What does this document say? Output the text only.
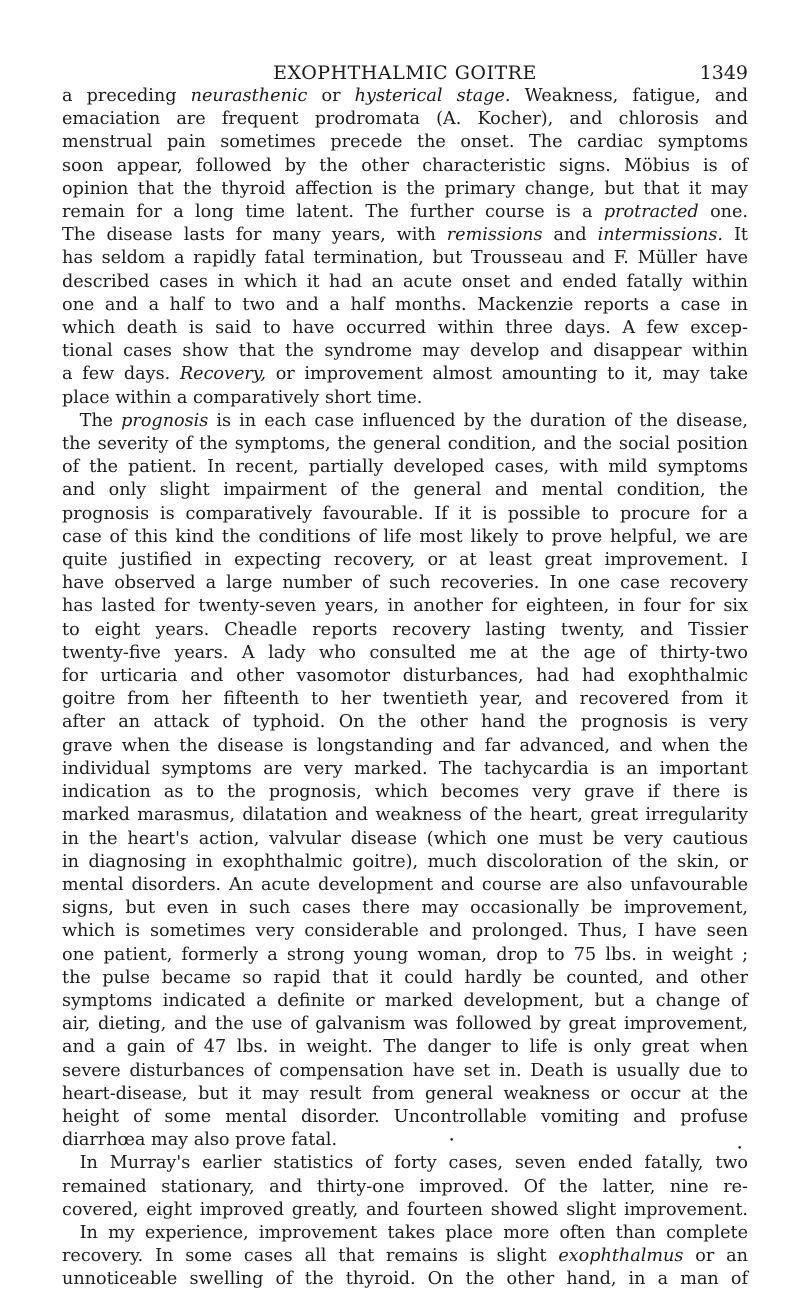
EXOPHTHALMIC GOITRE	1349
a preceding neurasthenic or hysterical stage. Weakness, fatigue, and
emaciation are frequent prodromata (A. Kocher), and chlorosis and
menstrual pain sometimes precede the onset. The cardiac symptoms
soon appear, followed by the other characteristic signs. Möbius is of
opinion that the thyroid affection is the primary change, but that it may
remain for a long time latent. The further course is a protracted one.
The disease lasts for many years, with remissions and intermissions. It
has seldom a rapidly fatal termination, but Trousseau and F. Müller have
described cases in which it had an acute onset and ended fatally within
one and a half to two and a half months. Mackenzie reports a case in
which death is said to have occurred within three days. A few excep-
tional cases show that the syndrome may develop and disappear within
a few days. Recovery, or improvement almost amounting to it, may take
place within a comparatively short time.
 The prognosis is in each case influenced by the duration of the disease,
the severity of the symptoms, the general condition, and the social position
of the patient. In recent, partially developed cases, with mild symptoms
and only slight impairment of the general and mental condition, the
prognosis is comparatively favourable. If it is possible to procure for a
case of this kind the conditions of life most likely to prove helpful, we are
quite justified in expecting recovery, or at least great improvement. I
have observed a large number of such recoveries. In one case recovery
has lasted for twenty-seven years, in another for eighteen, in four for six
to eight years. Cheadle reports recovery lasting twenty, and Tissier
twenty-five years. A lady who consulted me at the age of thirty-two
for urticaria and other vasomotor disturbances, had had exophthalmic
goitre from her fifteenth to her twentieth year, and recovered from it
after an attack of typhoid. On the other hand the prognosis is very
grave when the disease is longstanding and far advanced, and when the
individual symptoms are very marked. The tachycardia is an important
indication as to the prognosis, which becomes very grave if there is
marked marasmus, dilatation and weakness of the heart, great irregularity
in the heart's action, valvular disease (which one must be very cautious
in diagnosing in exophthalmic goitre), much discoloration of the skin, or
mental disorders. An acute development and course are also unfavourable
signs, but even in such cases there may occasionally be improvement,
which is sometimes very considerable and prolonged. Thus, I have seen
one patient, formerly a strong young woman, drop to 75 lbs. in weight ;
the pulse became so rapid that it could hardly be counted, and other
symptoms indicated a definite or marked development, but a change of
air, dieting, and the use of galvanism was followed by great improvement,
and a gain of 47 lbs. in weight. The danger to life is only great when
severe disturbances of compensation have set in. Death is usually due to
heart-disease, but it may result from general weakness or occur at the
height of some mental disorder. Uncontrollable vomiting and profuse
diarrhœa may also prove fatal.
 In Murray's earlier statistics of forty cases, seven ended fatally, two
remained stationary, and thirty-one improved. Of the latter, nine re-
covered, eight improved greatly, and fourteen showed slight improvement.
 In my experience, improvement takes place more often than complete
recovery. In some cases all that remains is slight exophthalmus or an
unnoticeable swelling of the thyroid. On the other hand, in a man of
•
•
